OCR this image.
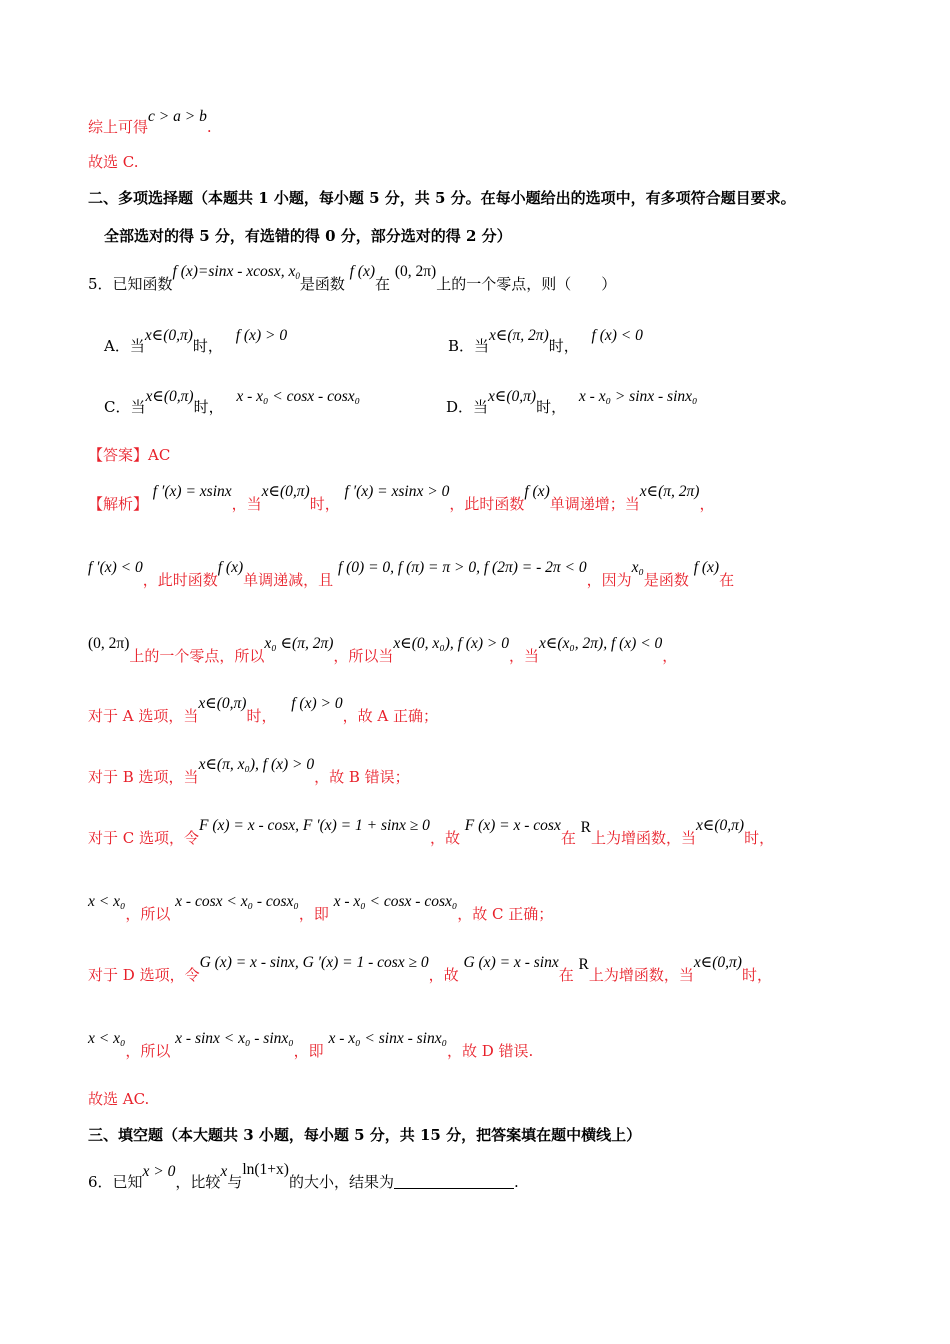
综上可得c > a > b.
故选 C.
二、多项选择题（本题共 1 小题，每小题 5 分，共 5 分。在每小题给出的选项中，有多项符合题目要求。
全部选对的得 5 分，有选错的得 0 分，部分选对的得 2 分）
5．已知函数f (x)=sinx - xcosx, $x_0$是函数 f (x)在 (0, 2π)上的一个零点，则（　　）
A．当x∈(0,π)时， f (x) > 0
B．当x∈(π, 2π)时， f (x) < 0
C．当x∈(0,π)时， x - x₀ < cosx - cosx₀
D．当x∈(0,π)时， x - x₀ > sinx - sinx₀
【答案】AC
【解析】 f ′(x) = xsinx，当x∈(0,π)时， f ′(x) = xsinx > 0，此时函数f (x)单调递增；当x∈(π, 2π)，
f ′(x) < 0，此时函数f (x)单调递减，且 f (0) = 0, f (π) = π > 0, f (2π) = - 2π < 0，因为x₀是函数 f (x)在
(0, 2π)上的一个零点，所以x₀ ∈(π, 2π)，所以当x∈(0, x₀), f (x) > 0，当x∈(x₀, 2π), f (x) < 0，
对于 A 选项，当x∈(0,π)时， f (x) > 0，故 A 正确；
对于 B 选项，当x∈(π, x₀), f (x) > 0，故 B 错误；
对于 C 选项，令F (x) = x - cosx, F ′(x) = 1 + sinx ≥ 0，故 F (x) = x - cosx在 R上为增函数，当x∈(0,π)时，
x < x₀，所以 x - cosx < x₀ - cosx₀，即 x - x₀ < cosx - cosx₀，故 C 正确；
对于 D 选项，令G (x) = x - sinx, G ′(x) = 1 - cosx ≥ 0，故 G (x) = x - sinx在 R上为增函数，当x∈(0,π)时，
x < x₀，所以 x - sinx < x₀ - sinx₀，即 x - x₀ < sinx - sinx₀，故 D 错误.
故选 AC.
三、填空题（本大题共 3 小题，每小题 5 分，共 15 分，把答案填在题中横线上）
6．已知x > 0，比较x与ln(1+x)的大小，结果为	.
